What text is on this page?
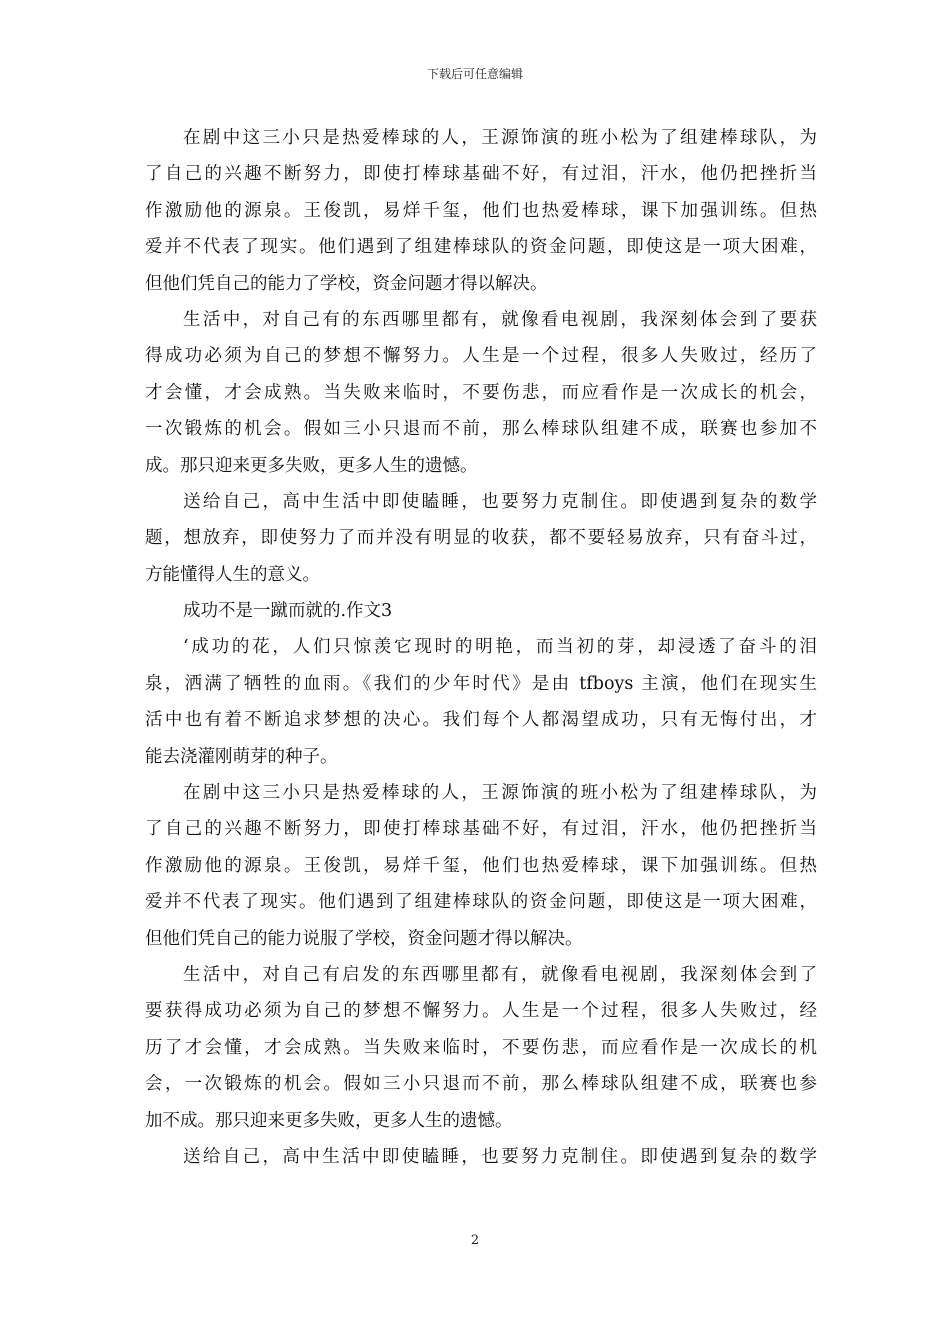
下载后可任意编辑
在剧中这三小只是热爱棒球的人，王源饰演的班小松为了组建棒球队，为
了自己的兴趣不断努力，即使打棒球基础不好，有过泪，汗水，他仍把挫折当
作激励他的源泉。王俊凯，易烊千玺，他们也热爱棒球，课下加强训练。但热
爱并不代表了现实。他们遇到了组建棒球队的资金问题，即使这是一项大困难，
但他们凭自己的能力了学校，资金问题才得以解决。
生活中，对自己有的东西哪里都有，就像看电视剧，我深刻体会到了要获
得成功必须为自己的梦想不懈努力。人生是一个过程，很多人失败过，经历了
才会懂，才会成熟。当失败来临时，不要伤悲，而应看作是一次成长的机会，
一次锻炼的机会。假如三小只退而不前，那么棒球队组建不成，联赛也参加不
成。那只迎来更多失败，更多人生的遗憾。
送给自己，高中生活中即使瞌睡，也要努力克制住。即使遇到复杂的数学
题，想放弃，即使努力了而并没有明显的收获，都不要轻易放弃，只有奋斗过，
方能懂得人生的意义。
成功不是一蹴而就的.作文3
‘成功的花，人们只惊羡它现时的明艳，而当初的芽，却浸透了奋斗的泪
泉，洒满了牺牲的血雨。《我们的少年时代》是由 tfboys 主演，他们在现实生
活中也有着不断追求梦想的决心。我们每个人都渴望成功，只有无悔付出，才
能去浇灌刚萌芽的种子。
在剧中这三小只是热爱棒球的人，王源饰演的班小松为了组建棒球队，为
了自己的兴趣不断努力，即使打棒球基础不好，有过泪，汗水，他仍把挫折当
作激励他的源泉。王俊凯，易烊千玺，他们也热爱棒球，课下加强训练。但热
爱并不代表了现实。他们遇到了组建棒球队的资金问题，即使这是一项大困难，
但他们凭自己的能力说服了学校，资金问题才得以解决。
生活中，对自己有启发的东西哪里都有，就像看电视剧，我深刻体会到了
要获得成功必须为自己的梦想不懈努力。人生是一个过程，很多人失败过，经
历了才会懂，才会成熟。当失败来临时，不要伤悲，而应看作是一次成长的机
会，一次锻炼的机会。假如三小只退而不前，那么棒球队组建不成，联赛也参
加不成。那只迎来更多失败，更多人生的遗憾。
送给自己，高中生活中即使瞌睡，也要努力克制住。即使遇到复杂的数学
2
